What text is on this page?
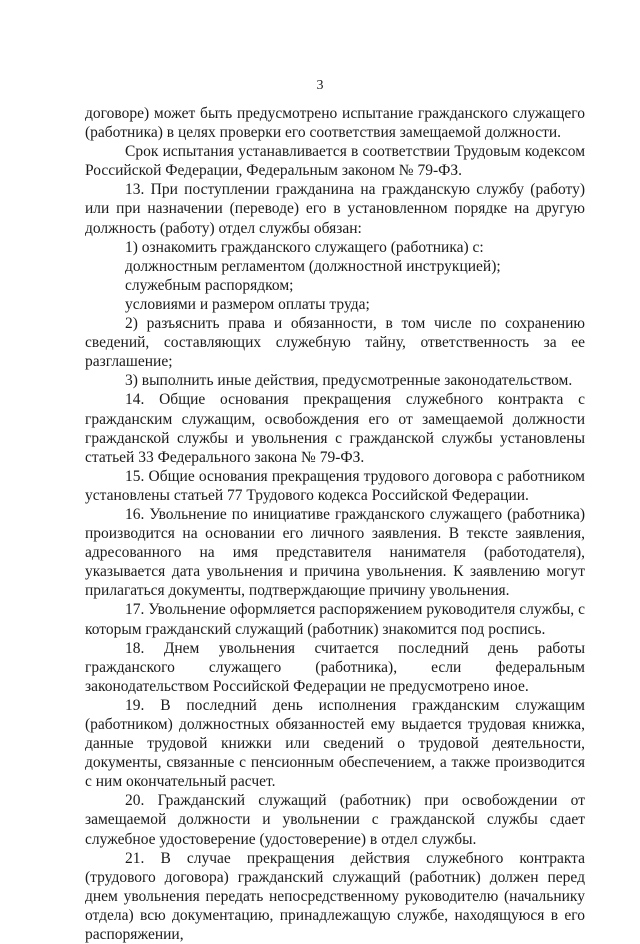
3

договоре) может быть предусмотрено испытание гражданского служащего (работника) в целях проверки его соответствия замещаемой должности.

Срок испытания устанавливается в соответствии Трудовым кодексом Российской Федерации, Федеральным законом № 79-ФЗ.

13. При поступлении гражданина на гражданскую службу (работу) или при назначении (переводе) его в установленном порядке на другую должность (работу) отдел службы обязан:

1) ознакомить гражданского служащего (работника) с:

должностным регламентом (должностной инструкцией);

служебным распорядком;

условиями и размером оплаты труда;

2) разъяснить права и обязанности, в том числе по сохранению сведений, составляющих служебную тайну, ответственность за ее разглашение;

3) выполнить иные действия, предусмотренные законодательством.

14. Общие основания прекращения служебного контракта с гражданским служащим, освобождения его от замещаемой должности гражданской службы и увольнения с гражданской службы установлены статьей 33 Федерального закона № 79-ФЗ.

15. Общие основания прекращения трудового договора с работником установлены статьей 77 Трудового кодекса Российской Федерации.

16. Увольнение по инициативе гражданского служащего (работника) производится на основании его личного заявления. В тексте заявления, адресованного на имя представителя нанимателя (работодателя), указывается дата увольнения и причина увольнения. К заявлению могут прилагаться документы, подтверждающие причину увольнения.

17. Увольнение оформляется распоряжением руководителя службы, с которым гражданский служащий (работник) знакомится под роспись.

18. Днем увольнения считается последний день работы гражданского служащего (работника), если федеральным законодательством Российской Федерации не предусмотрено иное.

19. В последний день исполнения гражданским служащим (работником) должностных обязанностей ему выдается трудовая книжка, данные трудовой книжки или сведений о трудовой деятельности, документы, связанные с пенсионным обеспечением, а также производится с ним окончательный расчет.

20. Гражданский служащий (работник) при освобождении от замещаемой должности и увольнении с гражданской службы сдает служебное удостоверение (удостоверение) в отдел службы.

21. В случае прекращения действия служебного контракта (трудового договора) гражданский служащий (работник) должен перед днем увольнения передать непосредственному руководителю (начальнику отдела) всю документацию, принадлежащую службе, находящуюся в его распоряжении,
